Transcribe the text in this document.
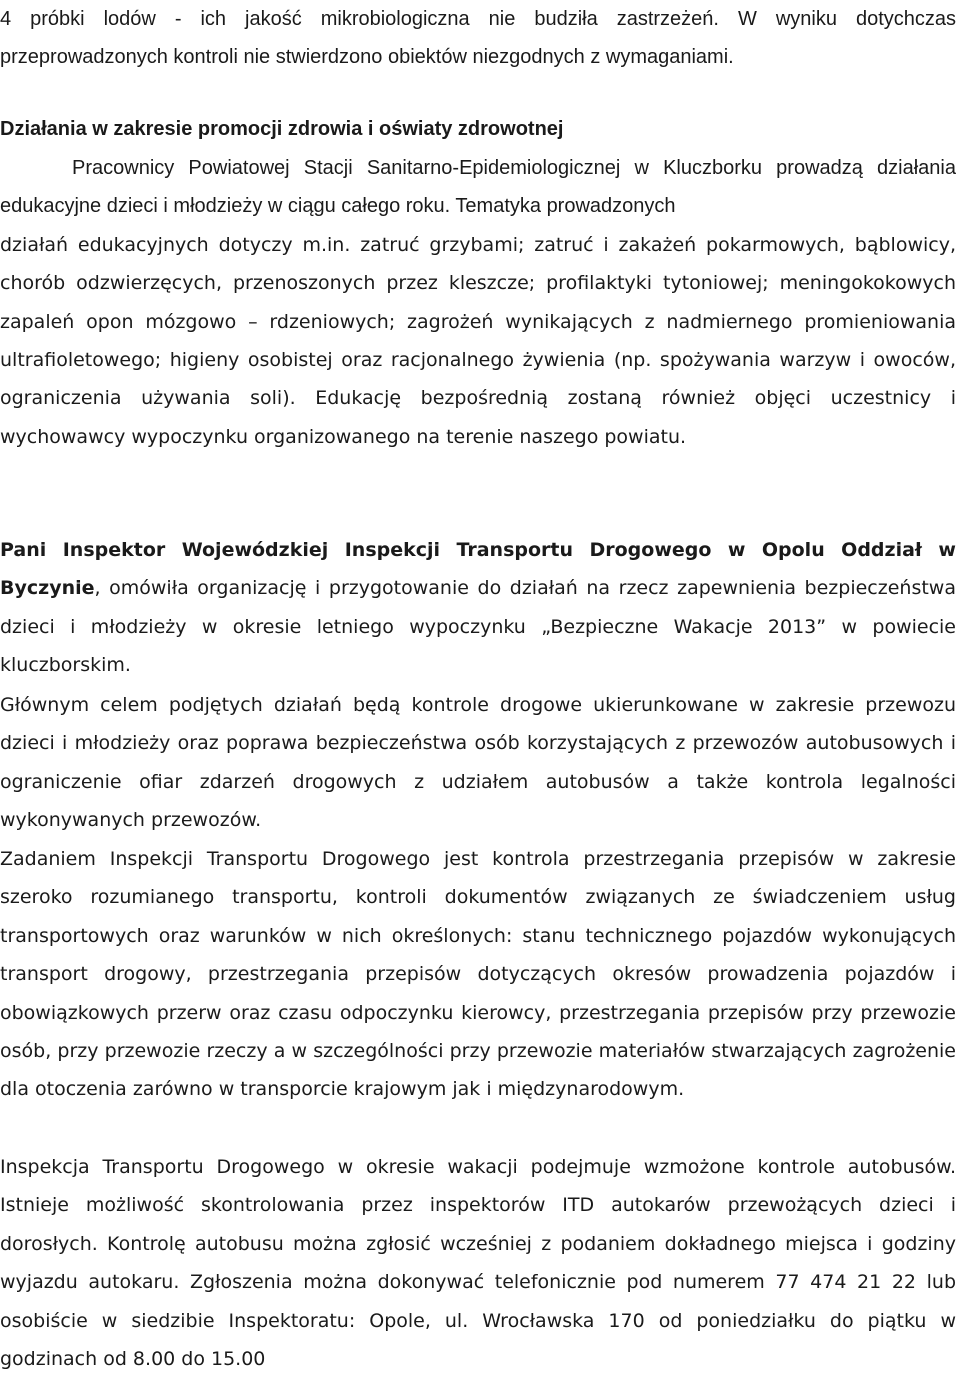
4 próbki lodów - ich jakość mikrobiologiczna nie budziła zastrzeżeń. W wyniku dotychczas przeprowadzonych kontroli nie stwierdzono obiektów niezgodnych z wymaganiami.

Działania w zakresie promocji zdrowia i oświaty zdrowotnej

Pracownicy Powiatowej Stacji Sanitarno-Epidemiologicznej w Kluczborku prowadzą działania edukacyjne dzieci i młodzieży w ciągu całego roku. Tematyka prowadzonych

działań edukacyjnych dotyczy m.in. zatruć grzybami; zatruć i zakażeń pokarmowych, bąblowicy, chorób odzwierzęcych, przenoszonych przez kleszcze; profilaktyki tytoniowej; meningokokowych zapaleń opon mózgowo – rdzeniowych; zagrożeń wynikających z nadmiernego promieniowania ultrafioletowego; higieny osobistej oraz racjonalnego żywienia (np. spożywania warzyw i owoców, ograniczenia używania soli). Edukację bezpośrednią zostaną również objęci uczestnicy i wychowawcy wypoczynku organizowanego na terenie naszego powiatu.

Pani Inspektor Wojewódzkiej Inspekcji Transportu Drogowego w Opolu Oddział w Byczynie, omówiła organizację i przygotowanie do działań na rzecz zapewnienia bezpieczeństwa dzieci i młodzieży w okresie letniego wypoczynku „Bezpieczne Wakacje 2013” w powiecie kluczborskim.

Głównym celem podjętych działań będą kontrole drogowe ukierunkowane w zakresie przewozu dzieci i młodzieży oraz poprawa bezpieczeństwa osób korzystających z przewozów autobusowych i ograniczenie ofiar zdarzeń drogowych z udziałem autobusów a także kontrola legalności wykonywanych przewozów.

Zadaniem Inspekcji Transportu Drogowego jest kontrola przestrzegania przepisów w zakresie szeroko rozumianego transportu, kontroli dokumentów związanych ze świadczeniem usług transportowych oraz warunków w nich określonych: stanu technicznego pojazdów wykonujących transport drogowy, przestrzegania przepisów dotyczących okresów prowadzenia pojazdów i obowiązkowych przerw oraz czasu odpoczynku kierowcy, przestrzegania przepisów przy przewozie osób, przy przewozie rzeczy a w szczególności przy przewozie materiałów stwarzających zagrożenie dla otoczenia zarówno w transporcie krajowym jak i międzynarodowym.

Inspekcja Transportu Drogowego w okresie wakacji podejmuje wzmożone kontrole autobusów. Istnieje możliwość skontrolowania przez inspektorów ITD autokarów przewożących dzieci i dorosłych. Kontrolę autobusu można zgłosić wcześniej z podaniem dokładnego miejsca i godziny wyjazdu autokaru. Zgłoszenia można dokonywać telefonicznie pod numerem 77 474 21 22 lub osobiście w siedzibie Inspektoratu: Opole, ul. Wrocławska 170 od poniedziałku do piątku w godzinach od 8.00 do 15.00
